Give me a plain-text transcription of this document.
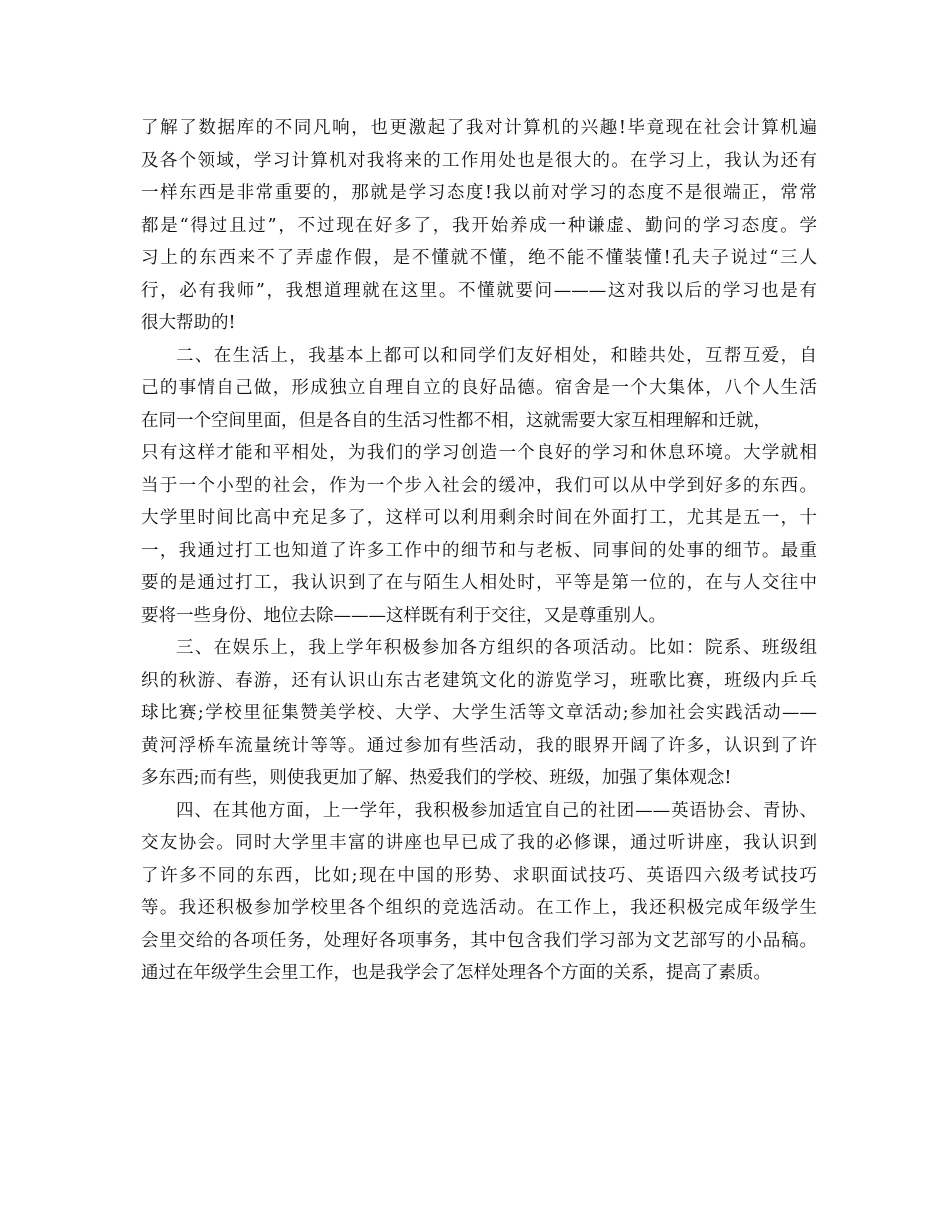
了解了数据库的不同凡响，也更激起了我对计算机的兴趣!毕竟现在社会计算机遍
及各个领域，学习计算机对我将来的工作用处也是很大的。在学习上，我认为还有
一样东西是非常重要的，那就是学习态度!我以前对学习的态度不是很端正，常常
都是“得过且过”，不过现在好多了，我开始养成一种谦虚、勤问的学习态度。学
习上的东西来不了弄虚作假，是不懂就不懂，绝不能不懂装懂!孔夫子说过“三人
行，必有我师”，我想道理就在这里。不懂就要问———这对我以后的学习也是有
很大帮助的!
二、在生活上，我基本上都可以和同学们友好相处，和睦共处，互帮互爱，自
己的事情自己做，形成独立自理自立的良好品德。宿舍是一个大集体，八个人生活
在同一个空间里面，但是各自的生活习性都不相，这就需要大家互相理解和迁就，
只有这样才能和平相处，为我们的学习创造一个良好的学习和休息环境。大学就相
当于一个小型的社会，作为一个步入社会的缓冲，我们可以从中学到好多的东西。
大学里时间比高中充足多了，这样可以利用剩余时间在外面打工，尤其是五一，十
一，我通过打工也知道了许多工作中的细节和与老板、同事间的处事的细节。最重
要的是通过打工，我认识到了在与陌生人相处时，平等是第一位的，在与人交往中
要将一些身份、地位去除———这样既有利于交往，又是尊重别人。
三、在娱乐上，我上学年积极参加各方组织的各项活动。比如：院系、班级组
织的秋游、春游，还有认识山东古老建筑文化的游览学习，班歌比赛，班级内乒乓
球比赛;学校里征集赞美学校、大学、大学生活等文章活动;参加社会实践活动——
黄河浮桥车流量统计等等。通过参加有些活动，我的眼界开阔了许多，认识到了许
多东西;而有些，则使我更加了解、热爱我们的学校、班级，加强了集体观念!
四、在其他方面，上一学年，我积极参加适宜自己的社团——英语协会、青协、
交友协会。同时大学里丰富的讲座也早已成了我的必修课，通过听讲座，我认识到
了许多不同的东西，比如;现在中国的形势、求职面试技巧、英语四六级考试技巧
等。我还积极参加学校里各个组织的竞选活动。在工作上，我还积极完成年级学生
会里交给的各项任务，处理好各项事务，其中包含我们学习部为文艺部写的小品稿。
通过在年级学生会里工作，也是我学会了怎样处理各个方面的关系，提高了素质。
